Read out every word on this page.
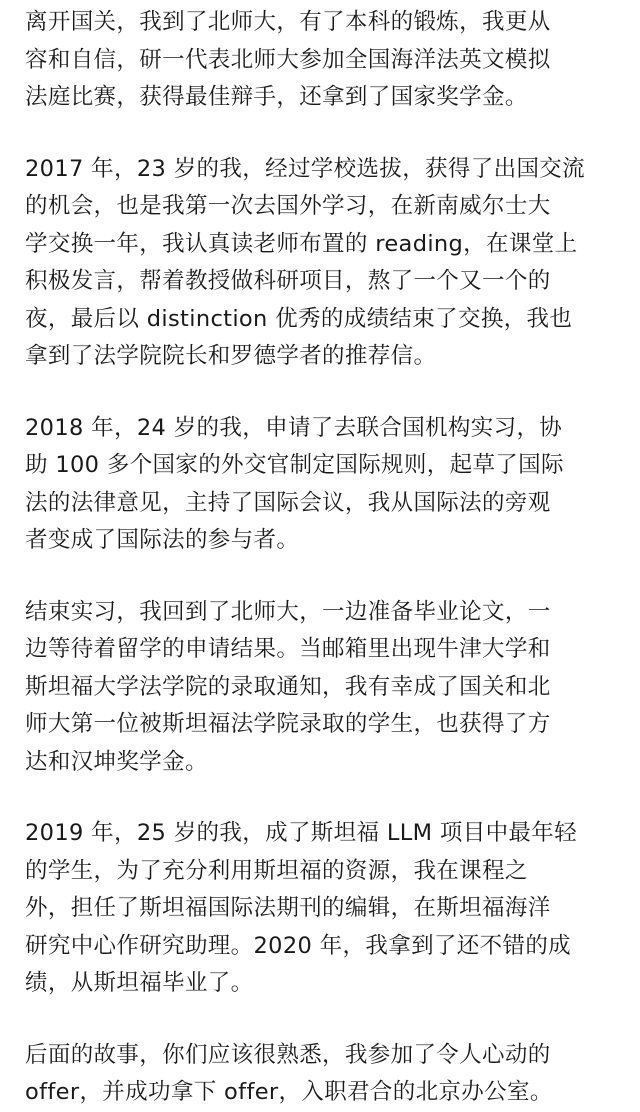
离开国关，我到了北师大，有了本科的锻炼，我更从
容和自信，研一代表北师大参加全国海洋法英文模拟
法庭比赛，获得最佳辩手，还拿到了国家奖学金。

2017 年，23 岁的我，经过学校选拔，获得了出国交流
的机会，也是我第一次去国外学习，在新南威尔士大
学交换一年，我认真读老师布置的 reading，在课堂上
积极发言，帮着教授做科研项目，熬了一个又一个的
夜，最后以 distinction 优秀的成绩结束了交换，我也
拿到了法学院院长和罗德学者的推荐信。

2018 年，24 岁的我，申请了去联合国机构实习，协
助 100 多个国家的外交官制定国际规则，起草了国际
法的法律意见，主持了国际会议，我从国际法的旁观
者变成了国际法的参与者。

结束实习，我回到了北师大，一边准备毕业论文，一
边等待着留学的申请结果。当邮箱里出现牛津大学和
斯坦福大学法学院的录取通知，我有幸成了国关和北
师大第一位被斯坦福法学院录取的学生，也获得了方
达和汉坤奖学金。

2019 年，25 岁的我，成了斯坦福 LLM 项目中最年轻
的学生，为了充分利用斯坦福的资源，我在课程之
外，担任了斯坦福国际法期刊的编辑，在斯坦福海洋
研究中心作研究助理。2020 年，我拿到了还不错的成
绩，从斯坦福毕业了。

后面的故事，你们应该很熟悉，我参加了令人心动的
offer，并成功拿下 offer，入职君合的北京办公室。
